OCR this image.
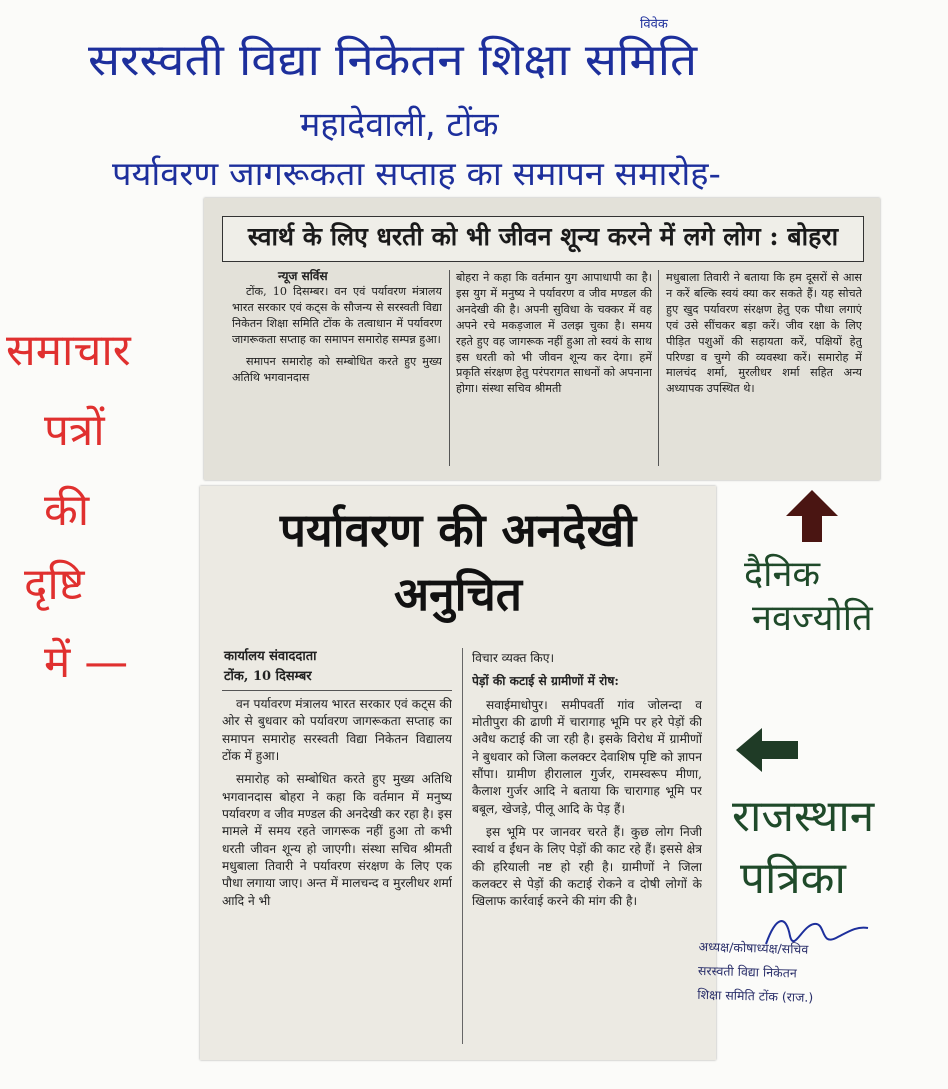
सरस्वती विद्या निकेतन शिक्षा समिति
विवेक
महादेवाली, टोंक
पर्यावरण जागरूकता सप्ताह का समापन समारोह-
समाचार
पत्रों
की
दृष्टि
में —
स्वार्थ के लिए धरती को भी जीवन शून्य करने में लगे लोग : बोहरा
न्यूज सर्विस

टोंक, 10 दिसम्बर। वन एवं पर्यावरण मंत्रालय भारत सरकार एवं कट्स के सौजन्य से सरस्वती विद्या निकेतन शिक्षा समिति टोंक के तत्वाधान में पर्यावरण जागरूकता सप्ताह का समापन समारोह सम्पन्न हुआ।

समापन समारोह को सम्बोधित करते हुए मुख्य अतिथि भगवानदास

बोहरा ने कहा कि वर्तमान युग आपाधापी का है। इस युग में मनुष्य ने पर्यावरण व जीव मण्डल की अनदेखी की है। अपनी सुविधा के चक्कर में वह अपने रचे मकड़जाल में उलझ चुका है। समय रहते हुए वह जागरूक नहीं हुआ तो स्वयं के साथ इस धरती को भी जीवन शून्य कर देगा। हमें प्रकृति संरक्षण हेतु परंपरागत साधनों को अपनाना होगा। संस्था सचिव श्रीमती

मधुबाला तिवारी ने बताया कि हम दूसरों से आस न करें बल्कि स्वयं क्या कर सकते हैं। यह सोचते हुए खुद पर्यावरण संरक्षण हेतु एक पौधा लगाएं एवं उसे सींचकर बड़ा करें। जीव रक्षा के लिए पीड़ित पशुओं की सहायता करें, पक्षियों हेतु परिण्डा व चुग्गे की व्यवस्था करें। समारोह में मालचंद शर्मा, मुरलीधर शर्मा सहित अन्य अध्यापक उपस्थित थे।

दैनिक
नवज्योति
पर्यावरण की अनदेखी
अनुचित
कार्यालय संवाददाता
टोंक, 10 दिसम्बर

वन पर्यावरण मंत्रालय भारत सरकार एवं कट्स की ओर से बुधवार को पर्यावरण जागरूकता सप्ताह का समापन समारोह सरस्वती विद्या निकेतन विद्यालय टोंक में हुआ।

समारोह को सम्बोधित करते हुए मुख्य अतिथि भगवानदास बोहरा ने कहा कि वर्तमान में मनुष्य पर्यावरण व जीव मण्डल की अनदेखी कर रहा है। इस मामले में समय रहते जागरूक नहीं हुआ तो कभी धरती जीवन शून्य हो जाएगी। संस्था सचिव श्रीमती मधुबाला तिवारी ने पर्यावरण संरक्षण के लिए एक पौधा लगाया जाए। अन्त में मालचन्द व मुरलीधर शर्मा आदि ने भी

विचार व्यक्त किए।

पेड़ों की कटाई से ग्रामीणों में रोष:

सवाईमाधोपुर। समीपवर्ती गांव जोलन्दा व मोतीपुरा की ढाणी में चारागाह भूमि पर हरे पेड़ों की अवैध कटाई की जा रही है। इसके विरोध में ग्रामीणों ने बुधवार को जिला कलक्टर देवाशिष पृष्टि को ज्ञापन सौंपा। ग्रामीण हीरालाल गुर्जर, रामस्वरूप मीणा, कैलाश गुर्जर आदि ने बताया कि चारागाह भूमि पर बबूल, खेजड़े, पीलू आदि के पेड़ हैं।

इस भूमि पर जानवर चरते हैं। कुछ लोग निजी स्वार्थ व ईंधन के लिए पेड़ों की काट रहे हैं। इससे क्षेत्र की हरियाली नष्ट हो रही है। ग्रामीणों ने जिला कलक्टर से पेड़ों की कटाई रोकने व दोषी लोगों के खिलाफ कार्रवाई करने की मांग की है।

राजस्थान
पत्रिका
अध्यक्ष/कोषाध्यक्ष/सचिव
सरस्वती विद्या निकेतन
शिक्षा समिति टोंक (राज.)
